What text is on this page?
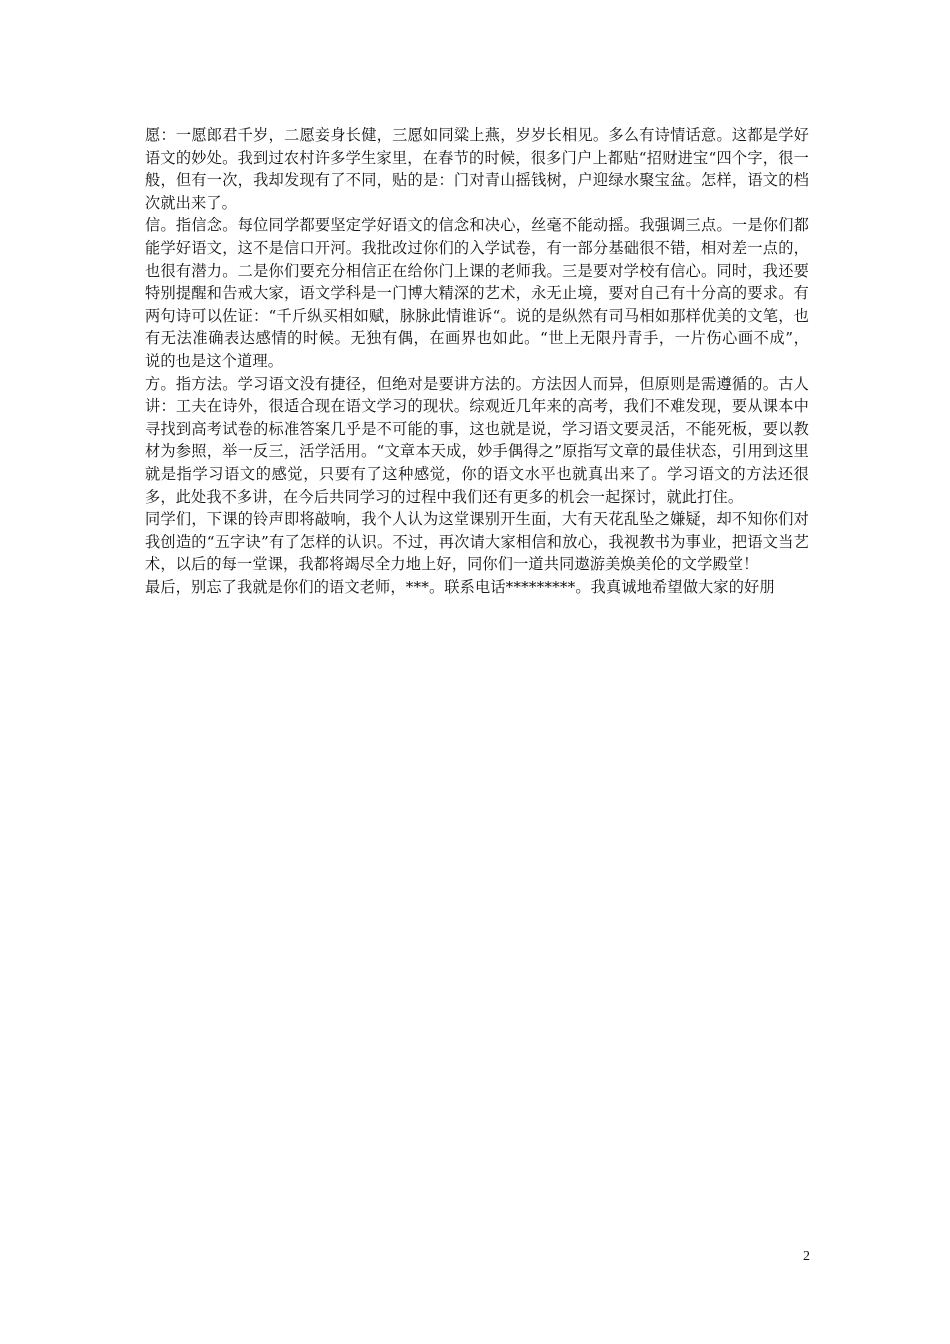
愿：一愿郎君千岁，二愿妾身长健，三愿如同粱上燕，岁岁长相见。多么有诗情话意。这都是学好语文的妙处。我到过农村许多学生家里，在春节的时候，很多门户上都贴“招财进宝“四个字，很一般，但有一次，我却发现有了不同，贴的是：门对青山摇钱树，户迎绿水聚宝盆。怎样，语文的档次就出来了。

信。指信念。每位同学都要坚定学好语文的信念和决心，丝毫不能动摇。我强调三点。一是你们都能学好语文，这不是信口开河。我批改过你们的入学试卷，有一部分基础很不错，相对差一点的，也很有潜力。二是你们要充分相信正在给你门上课的老师我。三是要对学校有信心。同时，我还要特别提醒和告戒大家，语文学科是一门博大精深的艺术，永无止境，要对自己有十分高的要求。有两句诗可以佐证：“千斤纵买相如赋，脉脉此情谁诉“。说的是纵然有司马相如那样优美的文笔，也有无法准确表达感情的时候。无独有偶，在画界也如此。“世上无限丹青手，一片伤心画不成”， 说的也是这个道理。

方。指方法。学习语文没有捷径，但绝对是要讲方法的。方法因人而异，但原则是需遵循的。古人讲：工夫在诗外，很适合现在语文学习的现状。综观近几年来的高考，我们不难发现，要从课本中寻找到高考试卷的标准答案几乎是不可能的事，这也就是说，学习语文要灵活，不能死板，要以教材为参照，举一反三，活学活用。“文章本天成，妙手偶得之”原指写文章的最佳状态，引用到这里就是指学习语文的感觉，只要有了这种感觉，你的语文水平也就真出来了。学习语文的方法还很多，此处我不多讲，在今后共同学习的过程中我们还有更多的机会一起探讨，就此打住。

同学们，下课的铃声即将敲响，我个人认为这堂课别开生面，大有天花乱坠之嫌疑，却不知你们对我创造的“五字诀”有了怎样的认识。不过，再次请大家相信和放心，我视教书为事业，把语文当艺术，以后的每一堂课，我都将竭尽全力地上好，同你们一道共同遨游美焕美伦的文学殿堂！

最后，别忘了我就是你们的语文老师，***。联系电话*********。我真诚地希望做大家的好朋

2
